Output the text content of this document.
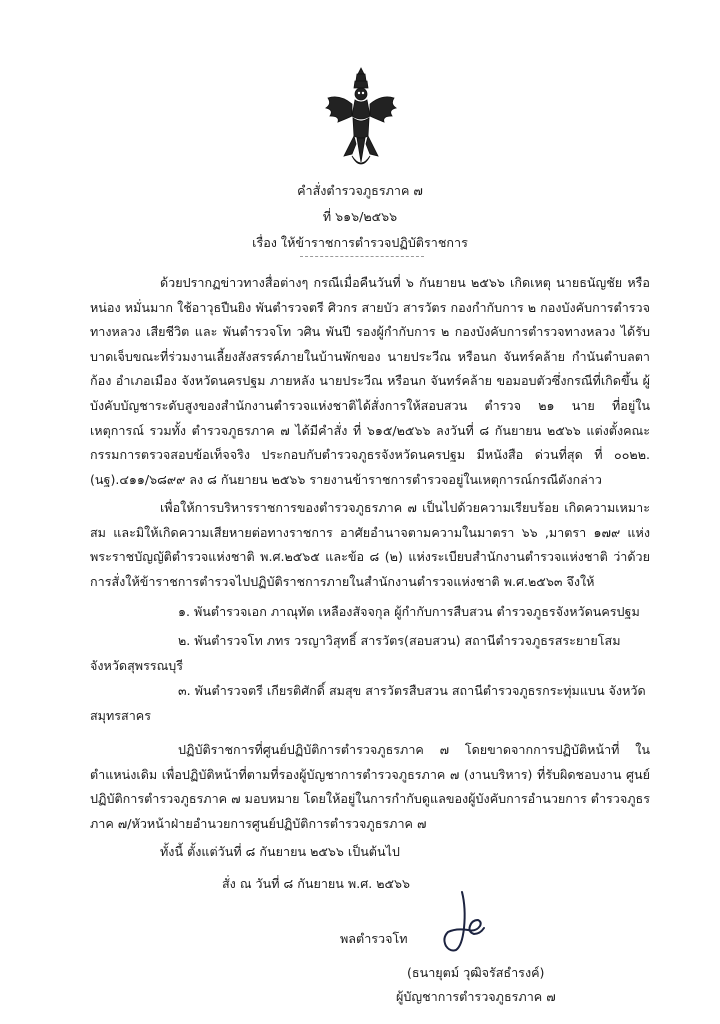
คำสั่งตำรวจภูธรภาค ๗
ที่ ๖๑๖/๒๕๖๖
เรื่อง ให้ข้าราชการตำรวจปฏิบัติราชการ
ด้วยปรากฏข่าวทางสื่อต่างๆ กรณีเมื่อคืนวันที่ ๖ กันยายน ๒๕๖๖ เกิดเหตุ นายธนัญชัย หรือ หน่อง หมั่นมาก ใช้อาวุธปืนยิง พันตำรวจตรี ศิวกร สายบัว สารวัตร กองกำกับการ ๒ กองบังคับการตำรวจทางหลวง เสียชีวิต และ พันตำรวจโท วศิน พันปี รองผู้กำกับการ ๒ กองบังคับการตำรวจทางหลวง ได้รับบาดเจ็บขณะที่ร่วมงานเลี้ยงสังสรรค์ภายในบ้านพักของ นายประวีณ หรือนก จันทร์คล้าย กำนันตำบลตาก้อง อำเภอเมือง จังหวัดนครปฐม ภายหลัง นายประวีณ หรือนก จันทร์คล้าย ขอมอบตัวซึ่งกรณีที่เกิดขึ้น ผู้บังคับบัญชาระดับสูงของสำนักงานตำรวจแห่งชาติได้สั่งการให้สอบสวน ตำรวจ ๒๑ นาย ที่อยู่ในเหตุการณ์ รวมทั้ง ตำรวจภูธรภาค ๗ ได้มีคำสั่ง ที่ ๖๑๕/๒๕๖๖ ลงวันที่ ๘ กันยายน ๒๕๖๖ แต่งตั้งคณะกรรมการตรวจสอบข้อเท็จจริง ประกอบกับตำรวจภูธรจังหวัดนครปฐม มีหนังสือ ด่วนที่สุด ที่ ๐๐๒๒.(นฐ).๔๑๑/๖๘๙๙ ลง ๘ กันยายน ๒๕๖๖ รายงานข้าราชการตำรวจอยู่ในเหตุการณ์กรณีดังกล่าว
เพื่อให้การบริหารราชการของตำรวจภูธรภาค ๗ เป็นไปด้วยความเรียบร้อย เกิดความเหมาะสม และมิให้เกิดความเสียหายต่อทางราชการ อาศัยอำนาจตามความในมาตรา ๖๖ ,มาตรา ๑๗๙ แห่งพระราชบัญญัติตำรวจแห่งชาติ พ.ศ.๒๕๖๕ และข้อ ๘ (๒) แห่งระเบียบสำนักงานตำรวจแห่งชาติ ว่าด้วยการสั่งให้ข้าราชการตำรวจไปปฏิบัติราชการภายในสำนักงานตำรวจแห่งชาติ พ.ศ.๒๕๖๓ จึงให้
๑. พันตำรวจเอก ภาณุทัต เหลืองสัจจกุล ผู้กำกับการสืบสวน ตำรวจภูธรจังหวัดนครปฐม
๒. พันตำรวจโท ภทร วรญาวิสุทธิ์ สารวัตร(สอบสวน) สถานีตำรวจภูธรสระยายโสม จังหวัดสุพรรณบุรี
๓. พันตำรวจตรี เกียรติศักดิ์ สมสุข สารวัตรสืบสวน สถานีตำรวจภูธรกระทุ่มแบน จังหวัดสมุทรสาคร
ปฏิบัติราชการที่ศูนย์ปฏิบัติการตำรวจภูธรภาค ๗ โดยขาดจากการปฏิบัติหน้าที่ ในตำแหน่งเดิม เพื่อปฏิบัติหน้าที่ตามที่รองผู้บัญชาการตำรวจภูธรภาค ๗ (งานบริหาร) ที่รับผิดชอบงาน ศูนย์ปฏิบัติการตำรวจภูธรภาค ๗ มอบหมาย โดยให้อยู่ในการกำกับดูแลของผู้บังคับการอำนวยการ ตำรวจภูธรภาค ๗/หัวหน้าฝ่ายอำนวยการศูนย์ปฏิบัติการตำรวจภูธรภาค ๗
ทั้งนี้ ตั้งแต่วันที่ ๘ กันยายน ๒๕๖๖ เป็นต้นไป
สั่ง ณ วันที่ ๘ กันยายน พ.ศ. ๒๕๖๖
พลตำรวจโท
(ธนายุตม์ วุฒิจรัสธำรงค์)
ผู้บัญชาการตำรวจภูธรภาค ๗
